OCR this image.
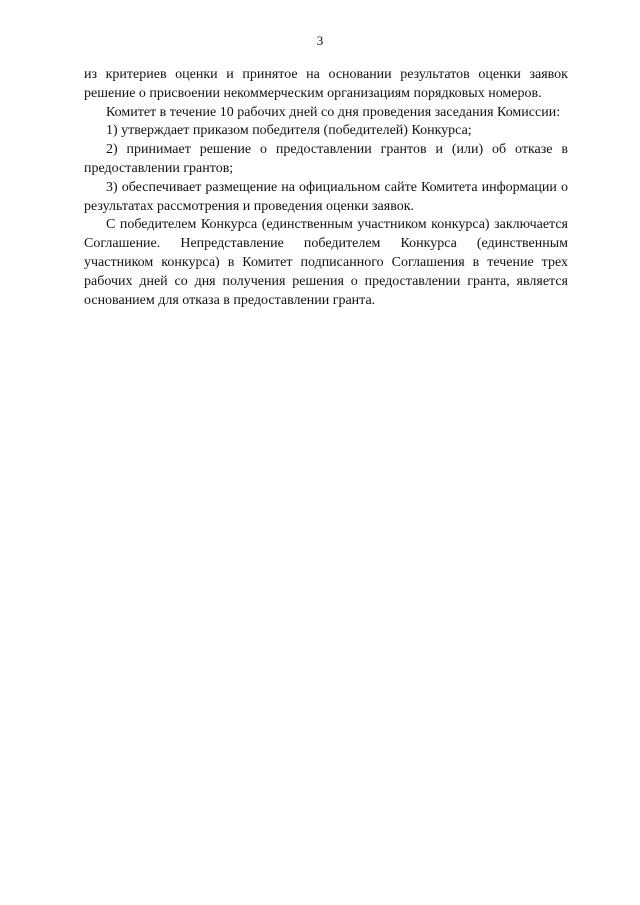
3

из критериев оценки и принятое на основании результатов оценки заявок решение о присвоении некоммерческим организациям порядковых номеров.

Комитет в течение 10 рабочих дней со дня проведения заседания Комиссии:

1) утверждает приказом победителя (победителей) Конкурса;

2) принимает решение о предоставлении грантов и (или) об отказе в предоставлении грантов;

3) обеспечивает размещение на официальном сайте Комитета информации о результатах рассмотрения и проведения оценки заявок.

С победителем Конкурса (единственным участником конкурса) заключается Соглашение. Непредставление победителем Конкурса (единственным участником конкурса) в Комитет подписанного Соглашения в течение трех рабочих дней со дня получения решения о предоставлении гранта, является основанием для отказа в предоставлении гранта.
